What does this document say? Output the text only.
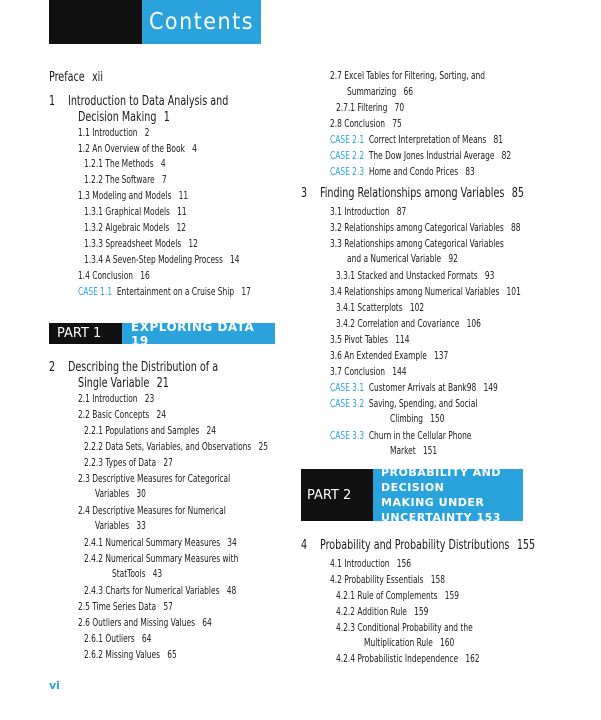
Contents
Preface xii
1 Introduction to Data Analysis and
Decision Making 1
1.1 Introduction 2
1.2 An Overview of the Book 4
1.2.1 The Methods 4
1.2.2 The Software 7
1.3 Modeling and Models 11
1.3.1 Graphical Models 11
1.3.2 Algebraic Models 12
1.3.3 Spreadsheet Models 12
1.3.4 A Seven-Step Modeling Process 14
1.4 Conclusion 16
CASE 1.1 Entertainment on a Cruise Ship 17
PART 1	EXPLORING DATA 19
2 Describing the Distribution of a
Single Variable 21
2.1 Introduction 23
2.2 Basic Concepts 24
2.2.1 Populations and Samples 24
2.2.2 Data Sets, Variables, and Observations 25
2.2.3 Types of Data 27
2.3 Descriptive Measures for Categorical
Variables 30
2.4 Descriptive Measures for Numerical
Variables 33
2.4.1 Numerical Summary Measures 34
2.4.2 Numerical Summary Measures with
StatTools 43
2.4.3 Charts for Numerical Variables 48
2.5 Time Series Data 57
2.6 Outliers and Missing Values 64
2.6.1 Outliers 64
2.6.2 Missing Values 65
2.7 Excel Tables for Filtering, Sorting, and
Summarizing 66
2.7.1 Filtering 70
2.8 Conclusion 75
CASE 2.1 Correct Interpretation of Means 81
CASE 2.2 The Dow Jones Industrial Average 82
CASE 2.3 Home and Condo Prices 83
3 Finding Relationships among Variables 85
3.1 Introduction 87
3.2 Relationships among Categorical Variables 88
3.3 Relationships among Categorical Variables
and a Numerical Variable 92
3.3.1 Stacked and Unstacked Formats 93
3.4 Relationships among Numerical Variables 101
3.4.1 Scatterplots 102
3.4.2 Correlation and Covariance 106
3.5 Pivot Tables 114
3.6 An Extended Example 137
3.7 Conclusion 144
CASE 3.1 Customer Arrivals at Bank98 149
CASE 3.2 Saving, Spending, and Social
Climbing 150
CASE 3.3 Churn in the Cellular Phone
Market 151
PART 2
PROBABILITY AND DECISION
MAKING UNDER
UNCERTAINTY 153
4 Probability and Probability Distributions 155
4.1 Introduction 156
4.2 Probability Essentials 158
4.2.1 Rule of Complements 159
4.2.2 Addition Rule 159
4.2.3 Conditional Probability and the
Multiplication Rule 160
4.2.4 Probabilistic Independence 162
vi
